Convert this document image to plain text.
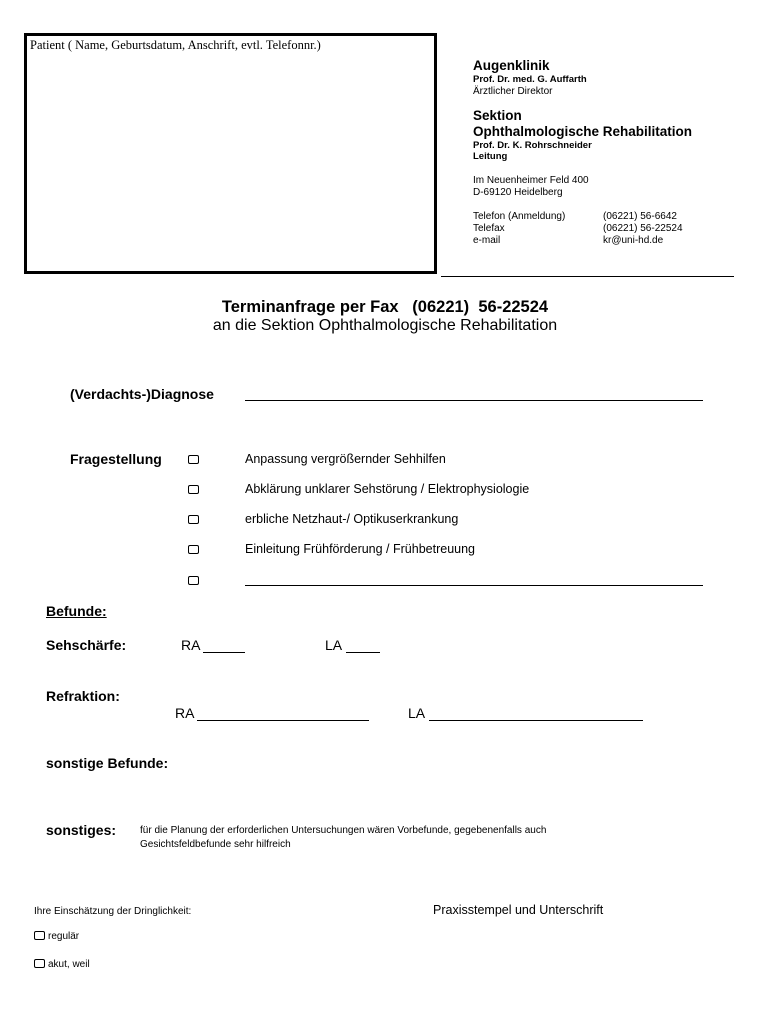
Patient ( Name, Geburtsdatum, Anschrift, evtl. Telefonnr.)
Augenklinik
Prof. Dr. med. G. Auffarth
Ärztlicher Direktor
Sektion
Ophthalmologische Rehabilitation
Prof. Dr. K. Rohrschneider
Leitung
Im Neuenheimer Feld 400
D-69120 Heidelberg
Telefon (Anmeldung)	(06221) 56-6642
Telefax	(06221) 56-22524
e-mail	kr@uni-hd.de
Terminanfrage per Fax   (06221)  56-22524
an die Sektion Ophthalmologische Rehabilitation
(Verdachts-)Diagnose
Fragestellung	Anpassung vergrößernder Sehhilfen
Abklärung unklarer Sehstörung / Elektrophysiologie
erbliche Netzhaut-/ Optikuserkrankung
Einleitung Frühförderung / Frühbetreuung
Befunde:
Sehschärfe:	RA	LA
Refraktion:
RA	LA
sonstige Befunde:
sonstiges: für die Planung der erforderlichen Untersuchungen wären Vorbefunde, gegebenenfalls auch
Gesichtsfeldbefunde sehr hilfreich
Ihre Einschätzung der Dringlichkeit:
regulär
akut, weil
Praxisstempel und Unterschrift
